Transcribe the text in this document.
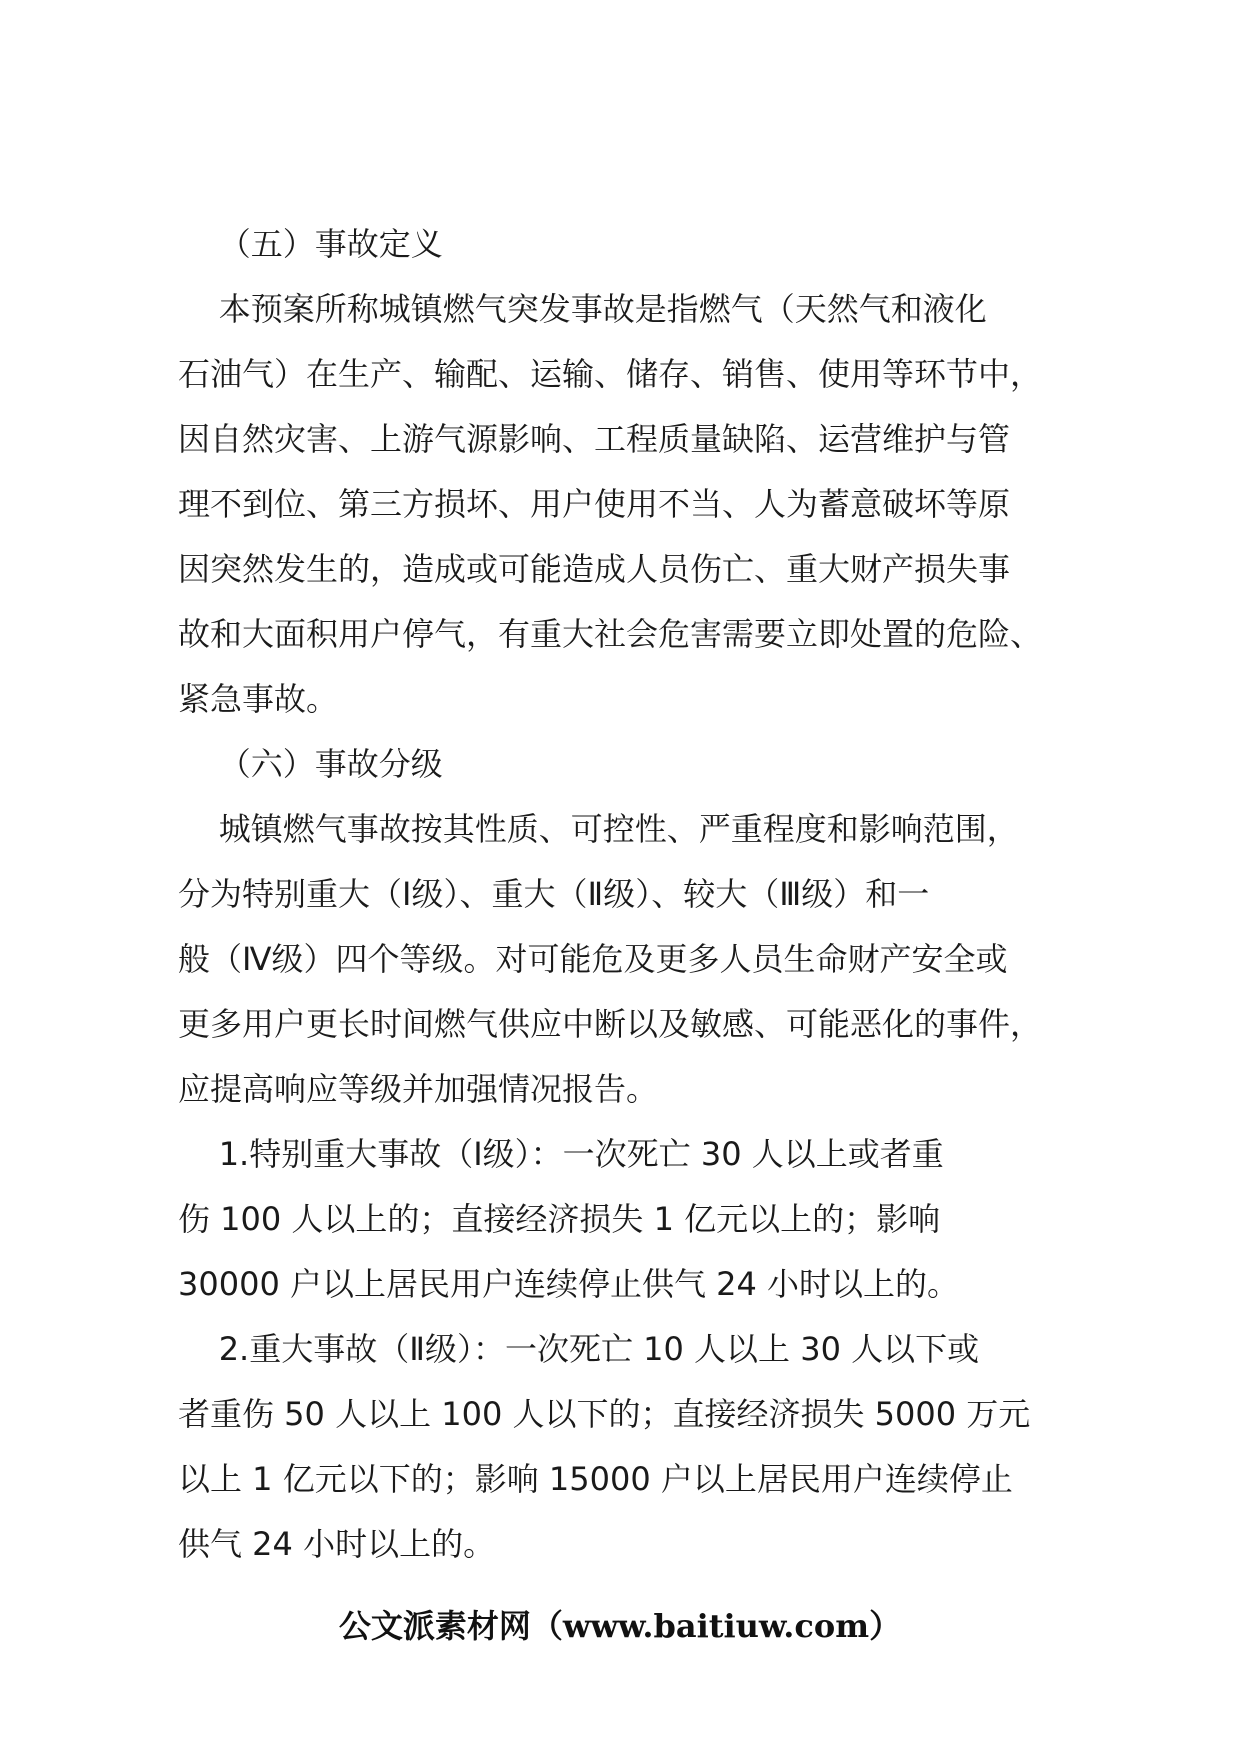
（五）事故定义
本预案所称城镇燃气突发事故是指燃气（天然气和液化
石油气）在生产、输配、运输、储存、销售、使用等环节中，
因自然灾害、上游气源影响、工程质量缺陷、运营维护与管
理不到位、第三方损坏、用户使用不当、人为蓄意破坏等原
因突然发生的，造成或可能造成人员伤亡、重大财产损失事
故和大面积用户停气，有重大社会危害需要立即处置的危险、
紧急事故。
（六）事故分级
城镇燃气事故按其性质、可控性、严重程度和影响范围，
分为特别重大（Ⅰ级）、重大（Ⅱ级）、较大（Ⅲ级）和一
般（Ⅳ级）四个等级。对可能危及更多人员生命财产安全或
更多用户更长时间燃气供应中断以及敏感、可能恶化的事件，
应提高响应等级并加强情况报告。
1.特别重大事故（Ⅰ级）：一次死亡 30 人以上或者重
伤 100 人以上的；直接经济损失 1 亿元以上的；影响
30000 户以上居民用户连续停止供气 24 小时以上的。
2.重大事故（Ⅱ级）：一次死亡 10 人以上 30 人以下或
者重伤 50 人以上 100 人以下的；直接经济损失 5000 万元
以上 1 亿元以下的；影响 15000 户以上居民用户连续停止
供气 24 小时以上的。
公文派素材网（www.baitiuw.com）
